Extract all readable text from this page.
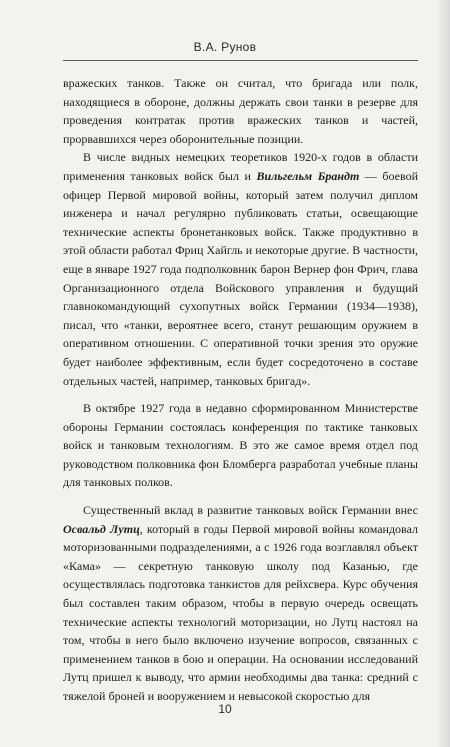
В.А. Рунов

вражеских танков. Также он считал, что бригада или полк, находящиеся в обороне, должны держать свои танки в резерве для проведения контратак против вражеских танков и частей, прорвавшихся через оборонительные позиции.

В числе видных немецких теоретиков 1920-х годов в области применения танковых войск был и Вильгельм Брандт — боевой офицер Первой мировой войны, который затем получил диплом инженера и начал регулярно публиковать статьи, освещающие технические аспекты бронетанковых войск. Также продуктивно в этой области работал Фриц Хайгль и некоторые другие. В частности, еще в январе 1927 года подполковник барон Вернер фон Фрич, глава Организационного отдела Войскового управления и будущий главнокомандующий сухопутных войск Германии (1934—1938), писал, что «танки, вероятнее всего, станут решающим оружием в оперативном отношении. С оперативной точки зрения это оружие будет наиболее эффективным, если будет сосредоточено в составе отдельных частей, например, танковых бригад».

В октябре 1927 года в недавно сформированном Министерстве обороны Германии состоялась конференция по тактике танковых войск и танковым технологиям. В это же самое время отдел под руководством полковника фон Бломберга разработал учебные планы для танковых полков.

Существенный вклад в развитие танковых войск Германии внес Освальд Лутц, который в годы Первой мировой войны командовал моторизованными подразделениями, а с 1926 года возглавлял объект «Кама» — секретную танковую школу под Казанью, где осуществлялась подготовка танкистов для рейхсвера. Курс обучения был составлен таким образом, чтобы в первую очередь освещать технические аспекты технологий моторизации, но Лутц настоял на том, чтобы в него было включено изучение вопросов, связанных с применением танков в бою и операции. На основании исследований Лутц пришел к выводу, что армии необходимы два танка: средний с тяжелой броней и вооружением и невысокой скоростью для

10
